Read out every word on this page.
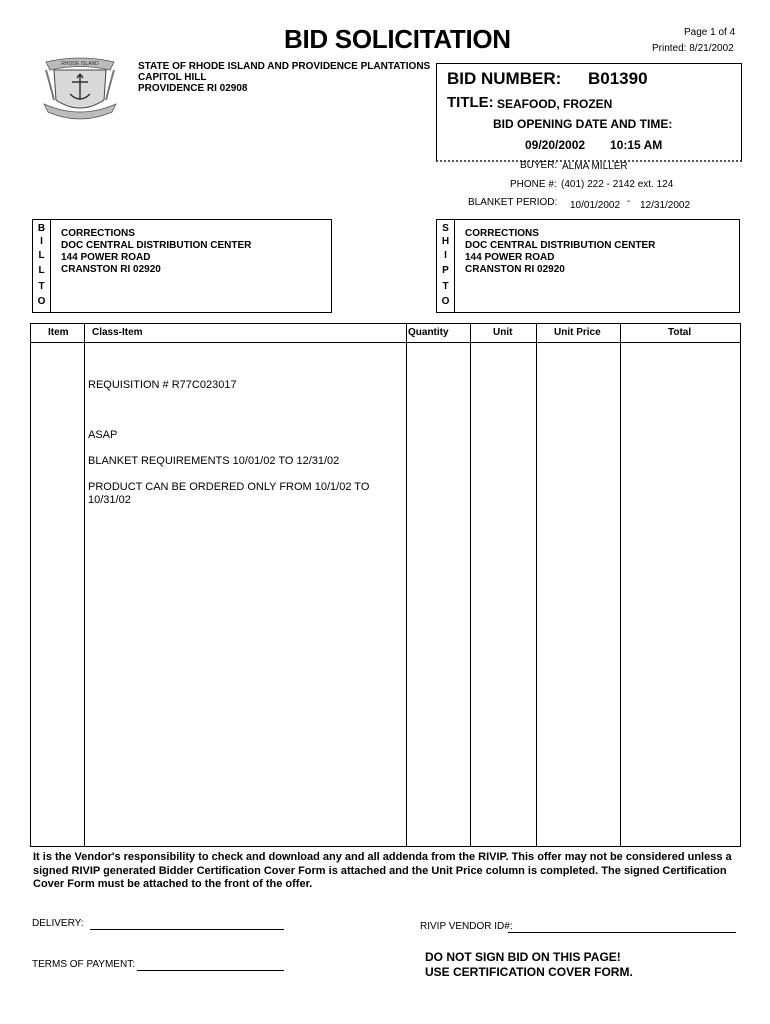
BID SOLICITATION	Page 1 of 4
Printed: 8/21/2002
RHODE ISLAND	STATE OF RHODE ISLAND AND PROVIDENCE PLANTATIONS
CAPITOL HILL
PROVIDENCE RI 02908
BID NUMBER: B01390
TITLE: SEAFOOD, FROZEN
BID OPENING DATE AND TIME:
09/20/2002 10:15 AM
BUYER: ALMA MILLER
PHONE #: (401) 222 - 2142 ext. 124
BLANKET PERIOD: 10/01/2002 - 12/31/2002
B
I
L
L
T
O
CORRECTIONS
DOC CENTRAL DISTRIBUTION CENTER
144 POWER ROAD
CRANSTON RI 02920
S
H
I
P
T
O
CORRECTIONS
DOC CENTRAL DISTRIBUTION CENTER
144 POWER ROAD
CRANSTON RI 02920
Item Class-Item	Quantity	Unit	Unit Price	Total
REQUISITION # R77C023017
ASAP
BLANKET REQUIREMENTS 10/01/02 TO 12/31/02
PRODUCT CAN BE ORDERED ONLY FROM 10/1/02 TO
10/31/02
It is the Vendor's responsibility to check and download any and all addenda from the RIVIP. This offer may not be considered unless a signed RIVIP generated Bidder Certification Cover Form is attached and the Unit Price column is completed. The signed Certification Cover Form must be attached to the front of the offer.
DELIVERY:
TERMS OF PAYMENT:
RIVIP VENDOR ID#:
DO NOT SIGN BID ON THIS PAGE!
USE CERTIFICATION COVER FORM.
